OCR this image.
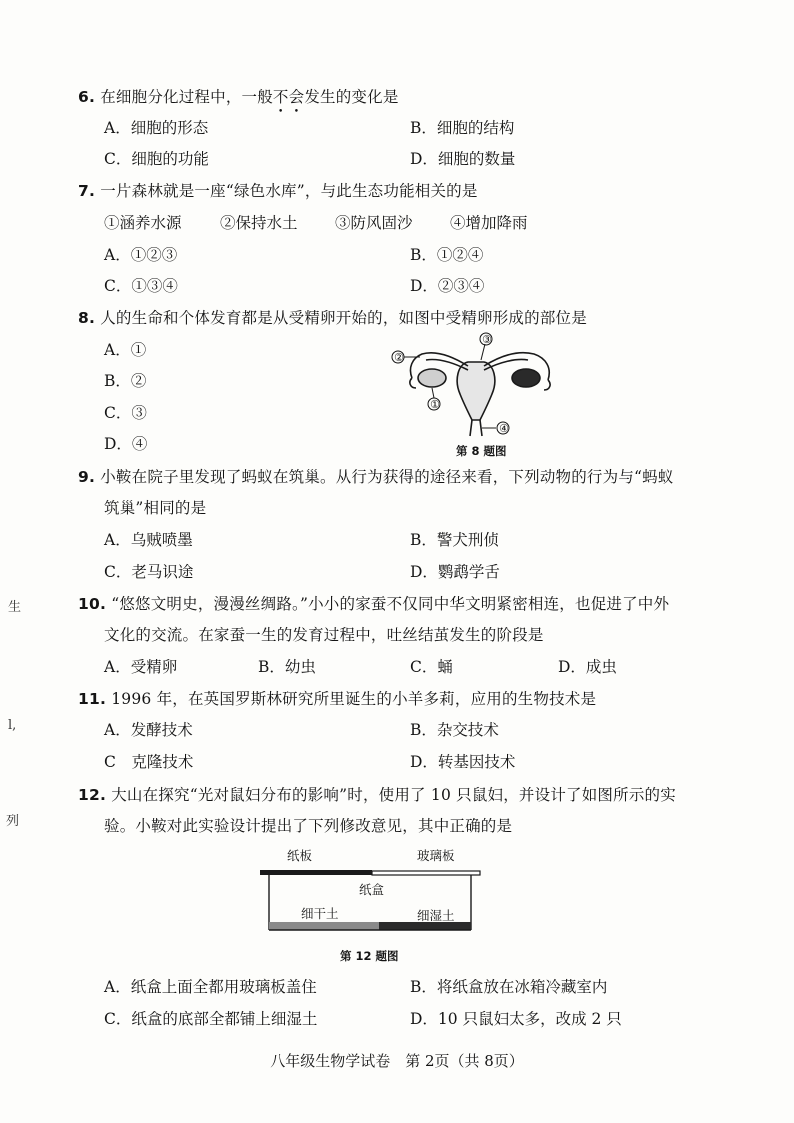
6. 在细胞分化过程中，一般不会发生的变化是
A．细胞的形态	B．细胞的结构
C．细胞的功能	D．细胞的数量
7. 一片森林就是一座“绿色水库”，与此生态功能相关的是
①涵养水源 ②保持水土 ③防风固沙 ④增加降雨
A．①②③	B．①②④
C．①③④	D．②③④
8. 人的生命和个体发育都是从受精卵开始的，如图中受精卵形成的部位是
A．①
B．②
C．③
D．④
②
①
③
④
第 8 题图
9. 小鞍在院子里发现了蚂蚁在筑巢。从行为获得的途径来看，下列动物的行为与“蚂蚁
筑巢”相同的是
A．乌贼喷墨	B．警犬刑侦
C．老马识途	D．鹦鹉学舌
10. “悠悠文明史，漫漫丝绸路。”小小的家蚕不仅同中华文明紧密相连，也促进了中外
文化的交流。在家蚕一生的发育过程中，吐丝结茧发生的阶段是
A．受精卵	B．幼虫	C．蛹	D．成虫
11. 1996 年，在英国罗斯林研究所里诞生的小羊多莉，应用的生物技术是
A．发酵技术	B．杂交技术
C　克隆技术	D．转基因技术
12. 大山在探究“光对鼠妇分布的影响”时，使用了 10 只鼠妇，并设计了如图所示的实
验。小鞍对此实验设计提出了下列修改意见，其中正确的是
纸板	玻璃板
纸盒
细干土	细湿土
第 12 题图
A．纸盒上面全都用玻璃板盖住	B．将纸盒放在冰箱冷藏室内
C．纸盒的底部全都铺上细湿土	D．10 只鼠妇太多，改成 2 只
生
l,
列
八年级生物学试卷　第 2页（共 8页）
